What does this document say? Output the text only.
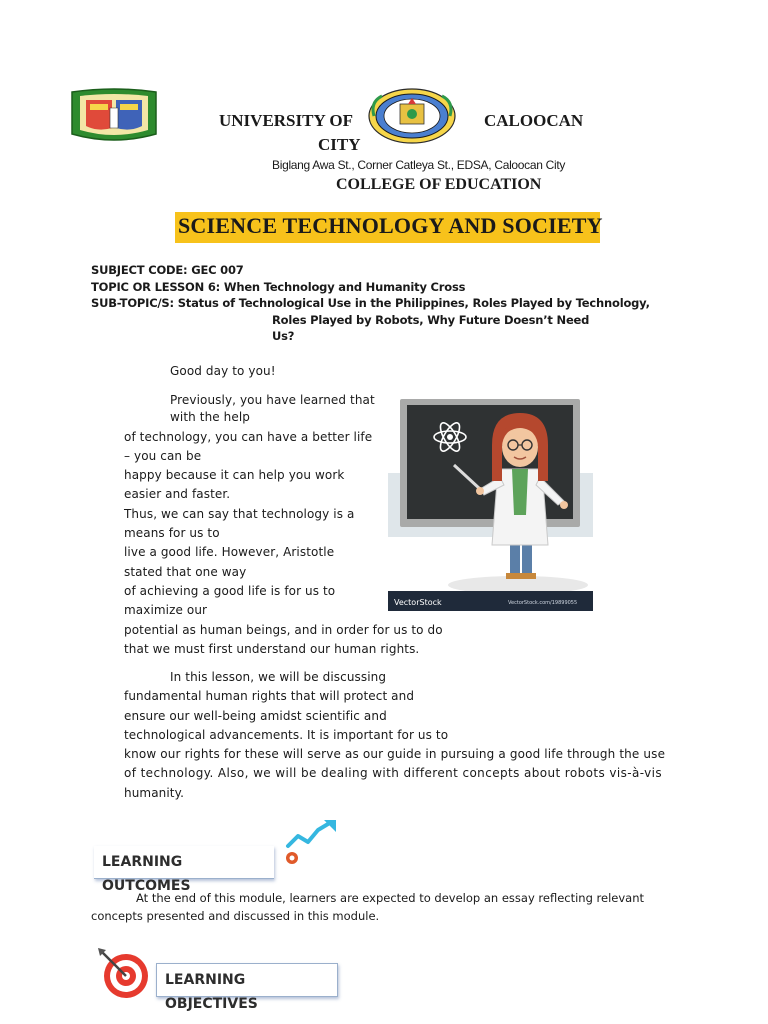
UNIVERSITY OF	CALOOCAN
CITY
Biglang Awa St., Corner Catleya St., EDSA, Caloocan City
COLLEGE OF EDUCATION
SCIENCE TECHNOLOGY AND SOCIETY
SUBJECT CODE: GEC 007
TOPIC OR LESSON 6: When Technology and Humanity Cross
SUB-TOPIC/S: Status of Technological Use in the Philippines, Roles Played by Technology,
Roles Played by Robots, Why Future Doesn’t Need
Us?
Good day to you!
Previously, you have learned that
with the help
of technology, you can have a better life
– you can be
happy because it can help you work
easier and faster.
Thus, we can say that technology is a
means for us to
live a good life. However, Aristotle
stated that one way
of achieving a good life is for us to
maximize our
potential as human beings, and in order for us to do
that we must first understand our human rights.
VectorStock	VectorStock.com/19899055
In this lesson, we will be discussing
fundamental human rights that will protect and
ensure our well-being amidst scientific and
technological advancements. It is important for us to
know our rights for these will serve as our guide in pursuing a good life through the use
of technology. Also, we will be dealing with different concepts about robots vis-à-vis
humanity.
LEARNING OUTCOMES
At the end of this module, learners are expected to develop an essay reflecting relevant
concepts presented and discussed in this module.
LEARNING OBJECTIVES
